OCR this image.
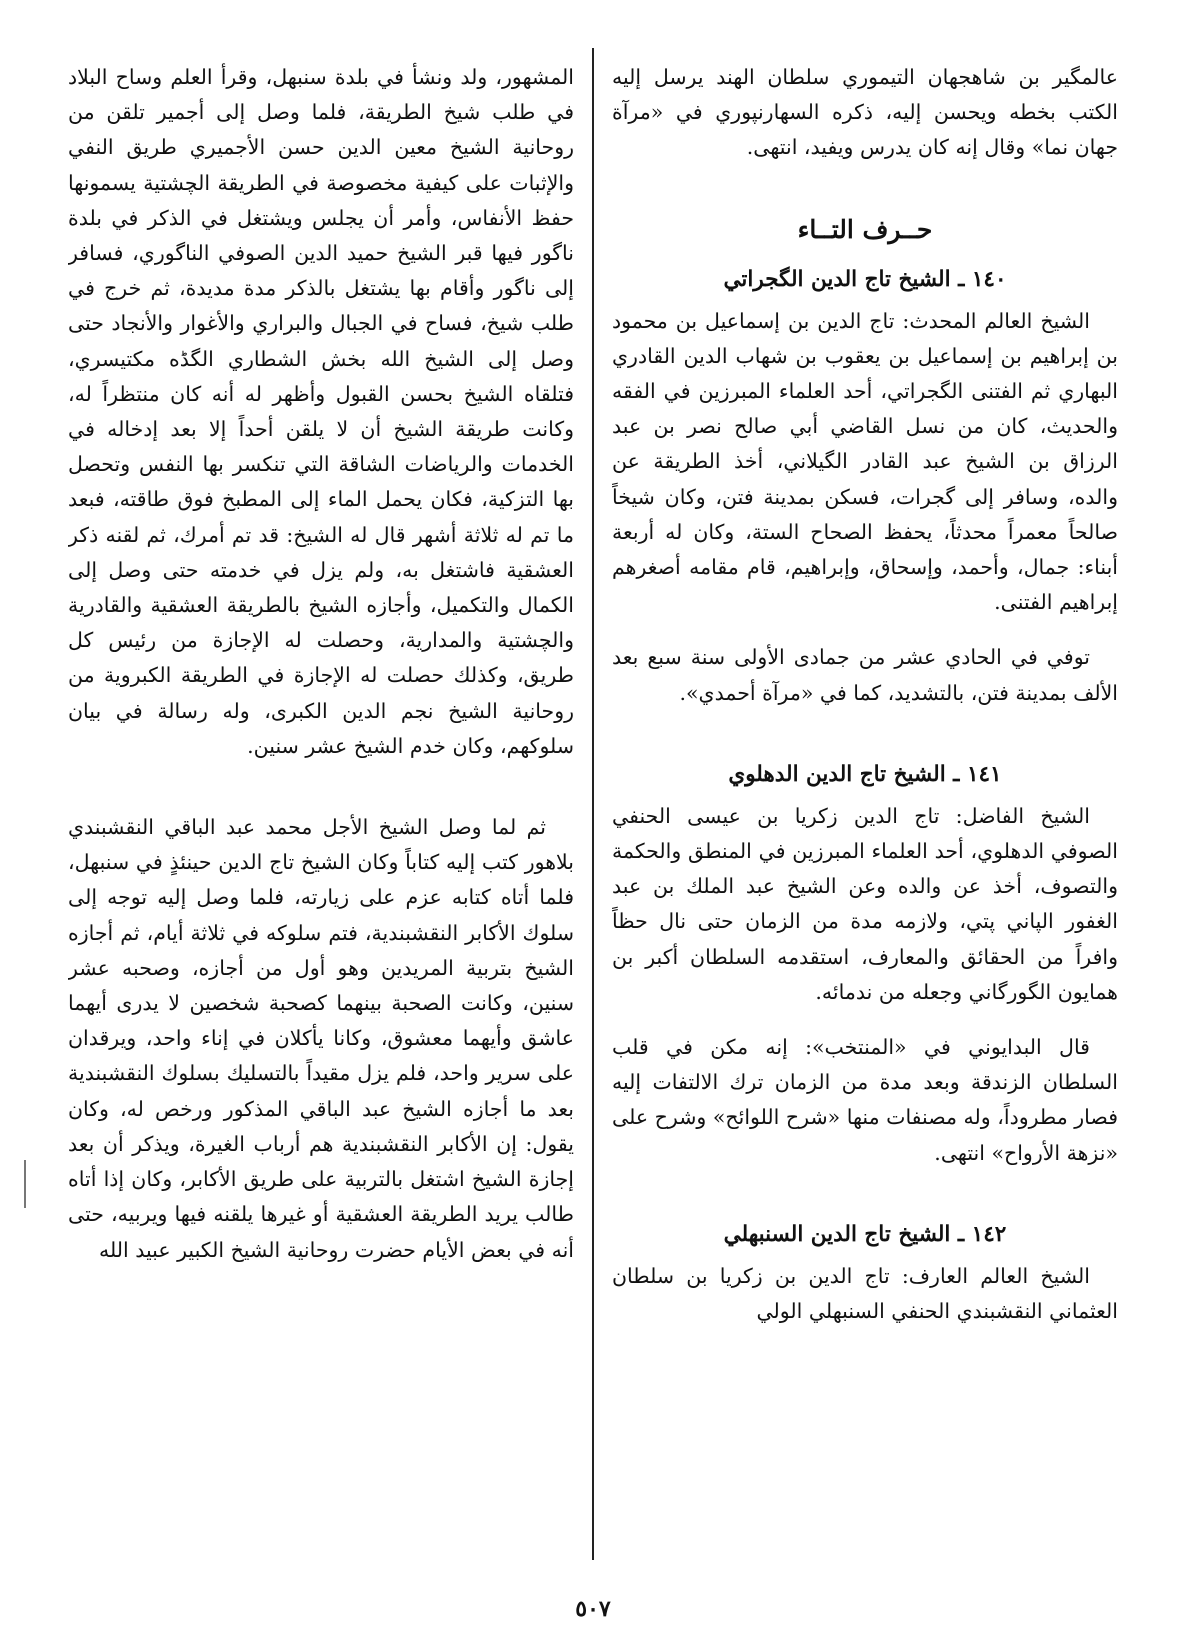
عالمگير بن شاهجهان التيموري سلطان الهند يرسل إليه الكتب بخطه ويحسن إليه، ذكره السهارنپوري في «مرآة جهان نما» وقال إنه كان يدرس ويفيد، انتهى.

حــرف التــاء
١٤٠ ـ الشيخ تاج الدين الگجراتي

الشيخ العالم المحدث: تاج الدين بن إسماعيل بن محمود بن إبراهيم بن إسماعيل بن يعقوب بن شهاب الدين القادري البهاري ثم الفتنى الگجراتي، أحد العلماء المبرزين في الفقه والحديث، كان من نسل القاضي أبي صالح نصر بن عبد الرزاق بن الشيخ عبد القادر الگيلاني، أخذ الطريقة عن والده، وسافر إلى گجرات، فسكن بمدينة فتن، وكان شيخاً صالحاً معمراً محدثاً، يحفظ الصحاح الستة، وكان له أربعة أبناء: جمال، وأحمد، وإسحاق، وإبراهيم، قام مقامه أصغرهم إبراهيم الفتنى.

توفي في الحادي عشر من جمادى الأولى سنة سبع بعد الألف بمدينة فتن، بالتشديد، كما في «مرآة أحمدي».

١٤١ ـ الشيخ تاج الدين الدهلوي

الشيخ الفاضل: تاج الدين زكريا بن عيسى الحنفي الصوفي الدهلوي، أحد العلماء المبرزين في المنطق والحكمة والتصوف، أخذ عن والده وعن الشيخ عبد الملك بن عبد الغفور الپاني پتي، ولازمه مدة من الزمان حتى نال حظاً وافراً من الحقائق والمعارف، استقدمه السلطان أكبر بن همايون الگورگاني وجعله من ندمائه.

قال البدايوني في «المنتخب»: إنه مكن في قلب السلطان الزندقة وبعد مدة من الزمان ترك الالتفات إليه فصار مطروداً، وله مصنفات منها «شرح اللوائح» وشرح على «نزهة الأرواح» انتهى.

١٤٢ ـ الشيخ تاج الدين السنبهلي

الشيخ العالم العارف: تاج الدين بن زكريا بن سلطان العثماني النقشبندي الحنفي السنبهلي الولي

المشهور، ولد ونشأ في بلدة سنبهل، وقرأ العلم وساح البلاد في طلب شيخ الطريقة، فلما وصل إلى أجمير تلقن من روحانية الشيخ معين الدين حسن الأجميري طريق النفي والإثبات على كيفية مخصوصة في الطريقة الچشتية يسمونها حفظ الأنفاس، وأمر أن يجلس ويشتغل في الذكر في بلدة ناگور فيها قبر الشيخ حميد الدين الصوفي الناگوري، فسافر إلى ناگور وأقام بها يشتغل بالذكر مدة مديدة، ثم خرج في طلب شيخ، فساح في الجبال والبراري والأغوار والأنجاد حتى وصل إلى الشيخ الله بخش الشطاري الگڈه مكتيسري، فتلقاه الشيخ بحسن القبول وأظهر له أنه كان منتظراً له، وكانت طريقة الشيخ أن لا يلقن أحداً إلا بعد إدخاله في الخدمات والرياضات الشاقة التي تنكسر بها النفس وتحصل بها التزكية، فكان يحمل الماء إلى المطبخ فوق طاقته، فبعد ما تم له ثلاثة أشهر قال له الشيخ: قد تم أمرك، ثم لقنه ذكر العشقية فاشتغل به، ولم يزل في خدمته حتى وصل إلى الكمال والتكميل، وأجازه الشيخ بالطريقة العشقية والقادرية والچشتية والمدارية، وحصلت له الإجازة من رئيس كل طريق، وكذلك حصلت له الإجازة في الطريقة الكبروية من روحانية الشيخ نجم الدين الكبرى، وله رسالة في بيان سلوكهم، وكان خدم الشيخ عشر سنين.

ثم لما وصل الشيخ الأجل محمد عبد الباقي النقشبندي بلاهور كتب إليه كتاباً وكان الشيخ تاج الدين حينئذٍ في سنبهل، فلما أتاه كتابه عزم على زيارته، فلما وصل إليه توجه إلى سلوك الأكابر النقشبندية، فتم سلوكه في ثلاثة أيام، ثم أجازه الشيخ بتربية المريدين وهو أول من أجازه، وصحبه عشر سنين، وكانت الصحبة بينهما كصحبة شخصين لا يدرى أيهما عاشق وأيهما معشوق، وكانا يأكلان في إناء واحد، ويرقدان على سرير واحد، فلم يزل مقيداً بالتسليك بسلوك النقشبندية بعد ما أجازه الشيخ عبد الباقي المذكور ورخص له، وكان يقول: إن الأكابر النقشبندية هم أرباب الغيرة، ويذكر أن بعد إجازة الشيخ اشتغل بالتربية على طريق الأكابر، وكان إذا أتاه طالب يريد الطريقة العشقية أو غيرها يلقنه فيها ويربيه، حتى أنه في بعض الأيام حضرت روحانية الشيخ الكبير عبيد الله

٥٠٧
